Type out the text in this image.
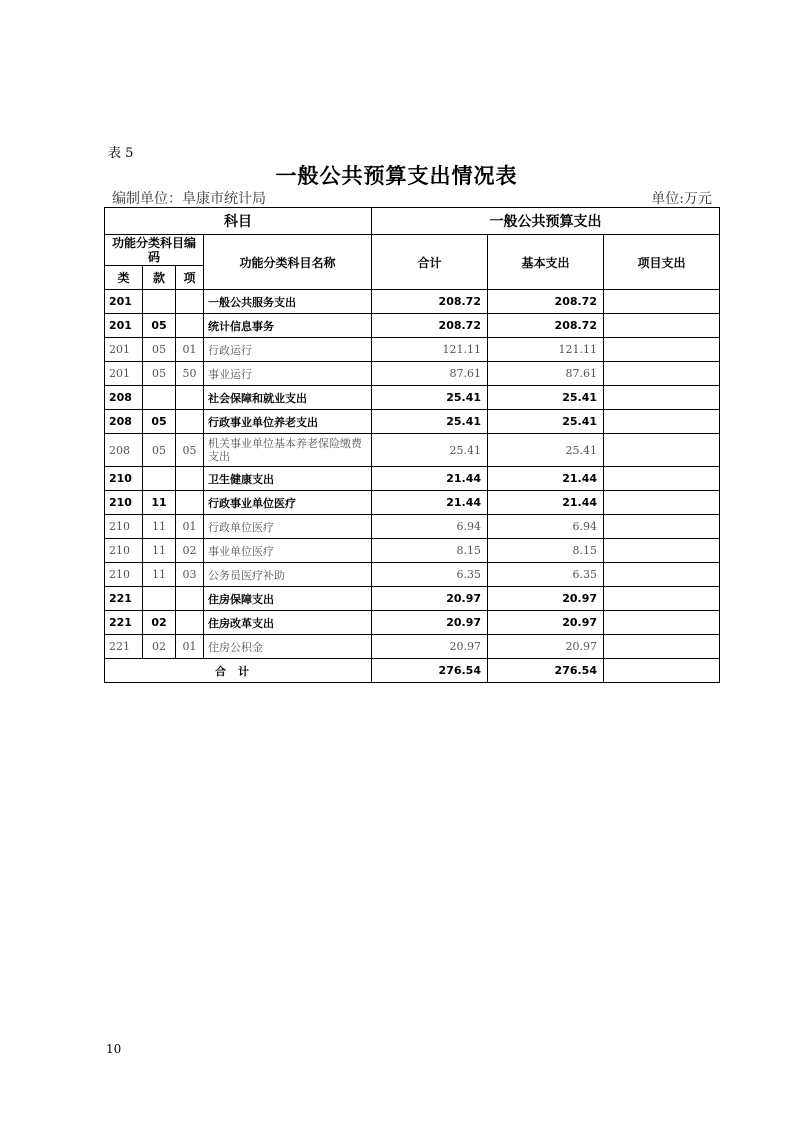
表 5
一般公共预算支出情况表
编制单位：阜康市统计局	单位:万元
科目				一般公共预算支出		
功能分类科目编码			功能分类科目名称	合计	基本支出	项目支出
类	款	项				
201			一般公共服务支出	208.72	208.72	
201	05		统计信息事务	208.72	208.72	
201	05	01	行政运行	121.11	121.11	
201	05	50	事业运行	87.61	87.61	
208			社会保障和就业支出	25.41	25.41	
208	05		行政事业单位养老支出	25.41	25.41	
208	05	05	机关事业单位基本养老保险缴费支出	25.41	25.41	
210			卫生健康支出	21.44	21.44	
210	11		行政事业单位医疗	21.44	21.44	
210	11	01	行政单位医疗	6.94	6.94	
210	11	02	事业单位医疗	8.15	8.15	
210	11	03	公务员医疗补助	6.35	6.35	
221			住房保障支出	20.97	20.97	
221	02		住房改革支出	20.97	20.97	
221	02	01	住房公积金	20.97	20.97	
合计				276.54	276.54	
10
